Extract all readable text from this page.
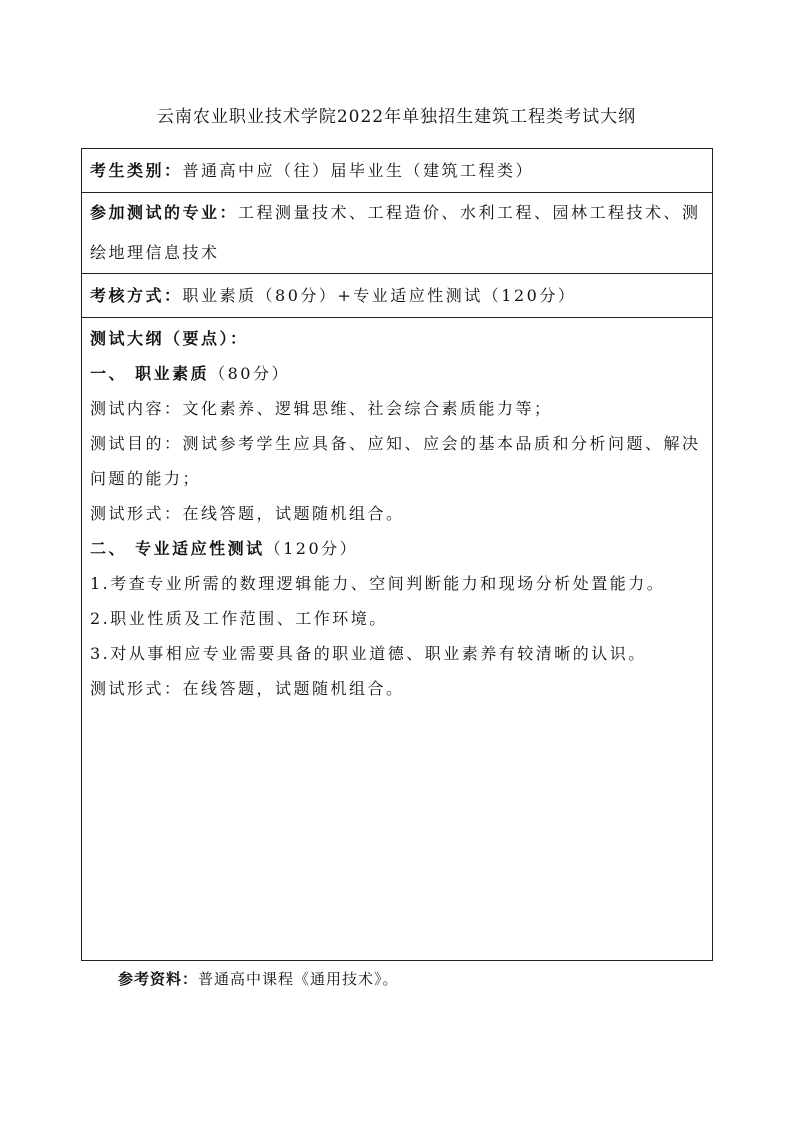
云南农业职业技术学院2022年单独招生建筑工程类考试大纲
考生类别：普通高中应（往）届毕业生（建筑工程类）
参加测试的专业：工程测量技术、工程造价、水利工程、园林工程技术、测绘地理信息技术
考核方式：职业素质（80分）+专业适应性测试（120分）

测试大纲（要点）：
一、 职业素质（80分）
测试内容：文化素养、逻辑思维、社会综合素质能力等；
测试目的：测试参考学生应具备、应知、应会的基本品质和分析问题、解决问题的能力；
测试形式：在线答题，试题随机组合。
二、 专业适应性测试（120分）
1.考查专业所需的数理逻辑能力、空间判断能力和现场分析处置能力。
2.职业性质及工作范围、工作环境。
3.对从事相应专业需要具备的职业道德、职业素养有较清晰的认识。
测试形式：在线答题，试题随机组合。
参考资料：普通高中课程《通用技术》。
